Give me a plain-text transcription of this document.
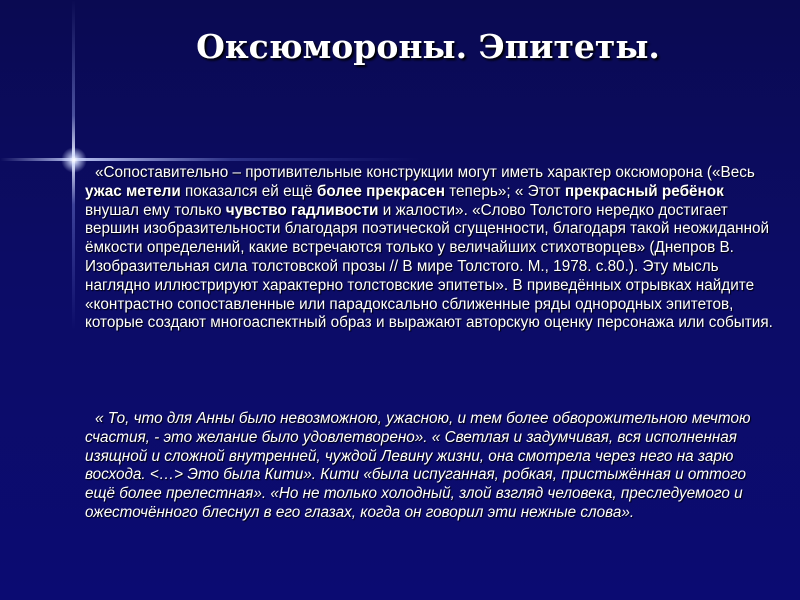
Оксюмороны. Эпитеты.

«Сопоставительно – противительные конструкции могут иметь характер оксюморона («Весь ужас метели показался ей ещё более прекрасен теперь»; « Этот прекрасный ребёнок внушал ему только чувство гадливости и жалости». «Слово Толстого нередко достигает вершин изобразительности благодаря поэтической сгущенности, благодаря такой неожиданной ёмкости определений, какие встречаются только у величайших стихотворцев» (Днепров В. Изобразительная сила толстовской прозы // В мире Толстого. М., 1978. с.80.). Эту мысль наглядно иллюстрируют характерно толстовские эпитеты». В приведённых отрывках найдите «контрастно сопоставленные или парадоксально сближенные ряды однородных эпитетов, которые создают многоаспектный образ и выражают авторскую оценку персонажа или события.

« То, что для Анны было невозможною, ужасною, и тем более обворожительною мечтою счастия, - это желание было удовлетворено». « Светлая и задумчивая, вся исполненная изящной и сложной внутренней, чуждой Левину жизни, она смотрела через него на зарю восхода. <…> Это была Кити». Кити «была испуганная, робкая, пристыжённая и оттого ещё более прелестная». «Но не только холодный, злой взгляд человека, преследуемого и ожесточённого блеснул в его глазах, когда он говорил эти нежные слова».
